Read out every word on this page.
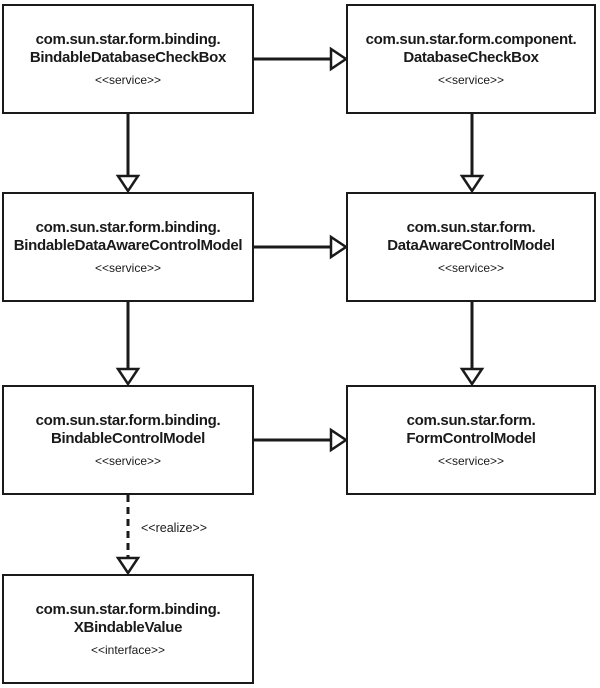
com.sun.star.form.binding.
BindableDatabaseCheckBox
<<service>>
com.sun.star.form.component.
DatabaseCheckBox
<<service>>
com.sun.star.form.binding.
BindableDataAwareControlModel
<<service>>
com.sun.star.form.
DataAwareControlModel
<<service>>
com.sun.star.form.binding.
BindableControlModel
<<service>>
com.sun.star.form.
FormControlModel
<<service>>
com.sun.star.form.binding.
XBindableValue
<<interface>>
<<realize>>
